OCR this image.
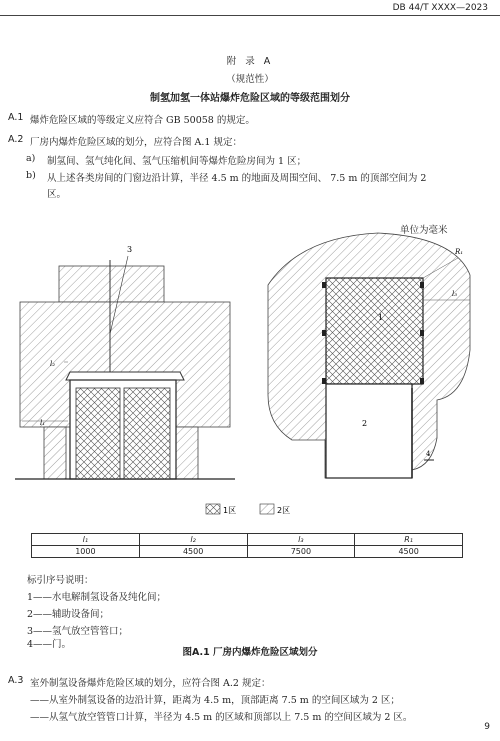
DB 44/T XXXX—2023
附 录 A
（规范性）
制氢加氢一体站爆炸危险区域的等级范围划分
A.1 爆炸危险区域的等级定义应符合 GB 50058 的规定。
A.2 厂房内爆炸危险区域的划分，应符合图 A.1 规定：
a) 制氢间、氢气纯化间、氢气压缩机间等爆炸危险房间为 1 区；
b) 从上述各类房间的门窗边沿计算，半径 4.5 m 的地面及周围空间、 7.5 m 的顶部空间为 2
区。
单位为毫米
3
l₁
l₂
1
2
4
l₃
R₁
1区	2区
l₁	l₂	l₃	R₁
1000	4500	7500	4500
标引序号说明：
1——水电解制氢设备及纯化间；
2——辅助设备间；
3——氢气放空管管口；
4——门。
图A.1 厂房内爆炸危险区域划分
A.3 室外制氢设备爆炸危险区域的划分，应符合图 A.2 规定：
——从室外制氢设备的边沿计算，距离为 4.5 m，顶部距离 7.5 m 的空间区域为 2 区；
——从氢气放空管管口计算，半径为 4.5 m 的区域和顶部以上 7.5 m 的空间区域为 2 区。
9
